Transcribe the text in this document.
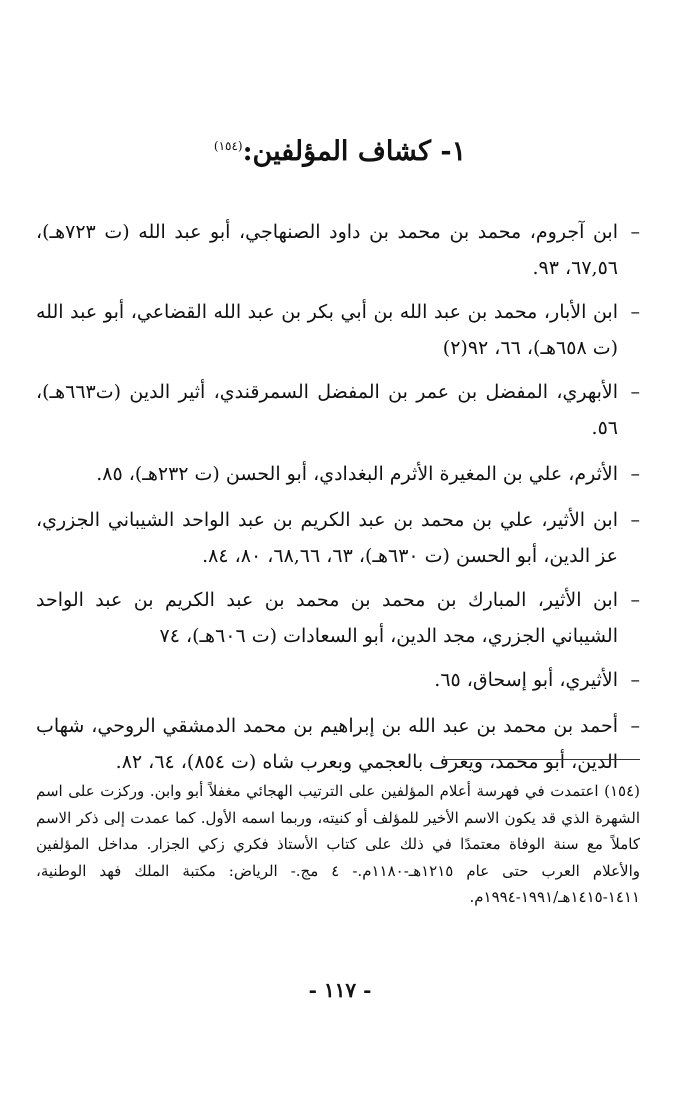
١- كشاف المؤلفين:$^{(١٥٤)}$
–
ابن آجروم، محمد بن محمد بن داود الصنهاجي، أبو عبد الله (ت ٧٢٣هـ)، ٦٧,٥٦، ٩٣.
–
ابن الأبار، محمد بن عبد الله بن أبي بكر بن عبد الله القضاعي، أبو عبد الله (ت ٦٥٨هـ)، ٦٦، ٩٢(٢)
–
الأبهري، المفضل بن عمر بن المفضل السمرقندي، أثير الدين (ت٦٦٣هـ)، ٥٦.
–
الأثرم، علي بن المغيرة الأثرم البغدادي، أبو الحسن (ت ٢٣٢هـ)، ٨٥.
–
ابن الأثير، علي بن محمد بن عبد الكريم بن عبد الواحد الشيباني الجزري، عز الدين، أبو الحسن (ت ٦٣٠هـ)، ٦٣، ٦٨,٦٦، ٨٠، ٨٤.
–
ابن الأثير، المبارك بن محمد بن محمد بن عبد الكريم بن عبد الواحد الشيباني الجزري، مجد الدين، أبو السعادات (ت ٦٠٦هـ)، ٧٤
–
الأثيري، أبو إسحاق، ٦٥.
–
أحمد بن محمد بن عبد الله بن إبراهيم بن محمد الدمشقي الروحي، شهاب الدين، أبو محمد، ويعرف بالعجمي وبعرب شاه (ت ٨٥٤)، ٦٤، ٨٢.

(١٥٤) اعتمدت في فهرسة أعلام المؤلفين على الترتيب الهجائي مغفلاً أبو وابن. وركزت على اسم الشهرة الذي قد يكون الاسم الأخير للمؤلف أو كنيته، وربما اسمه الأول. كما عمدت إلى ذكر الاسم كاملاً مع سنة الوفاة معتمدًا في ذلك على كتاب الأستاذ فكري زكي الجزار. مداخل المؤلفين والأعلام العرب حتى عام ١٢١٥هـ-١١٨٠م.- ٤ مج.- الرياض: مكتبة الملك فهد الوطنية، ١٤١١-١٤١٥هـ/١٩٩١-١٩٩٤م.

- ١١٧ -
